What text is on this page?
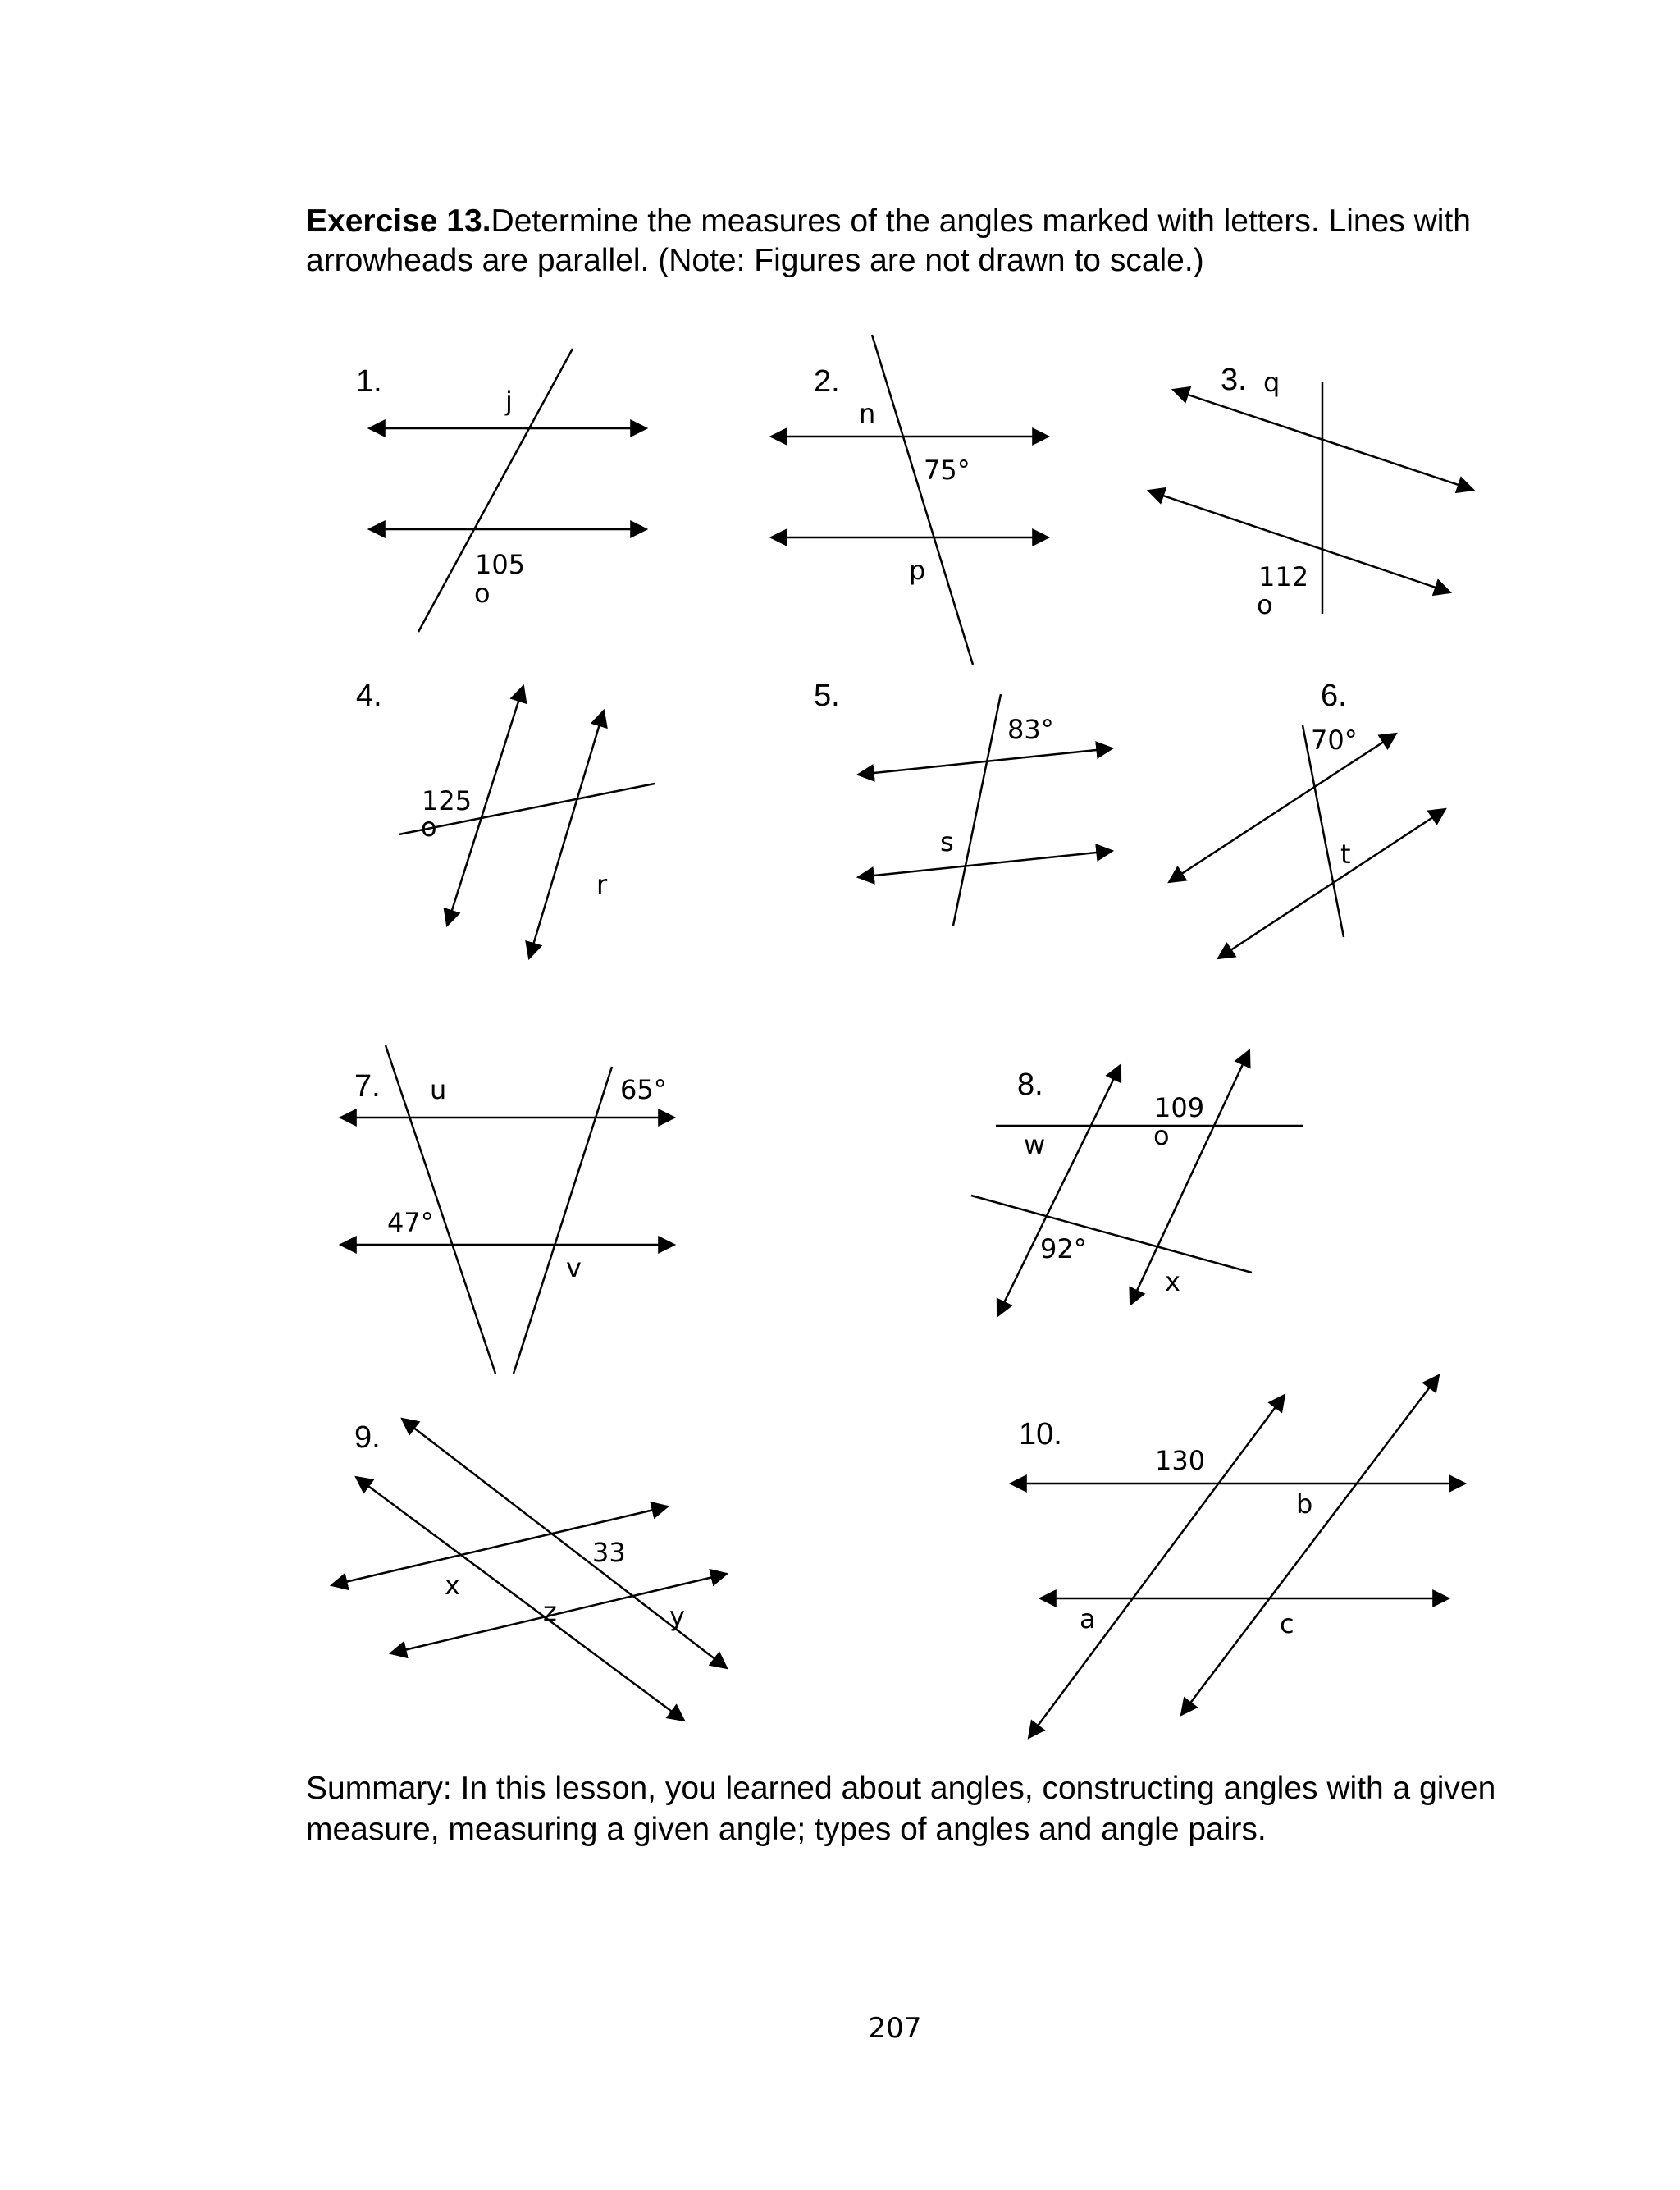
Exercise 13.Determine the measures of the angles marked with letters. Lines with arrowheads are parallel. (Note: Figures are not drawn to scale.)
1.
j
105
o
2.
n
75°
p
3. q
112
o
4.
125
o
r
5.
83°
s
6.
70°
t
7. u	65°
47°
v
8.
w
109
o
92°
x
9.
33
x
z	y
10.
130
b
a	c
Summary: In this lesson, you learned about angles, constructing angles with a given measure, measuring a given angle; types of angles and angle pairs.
207
